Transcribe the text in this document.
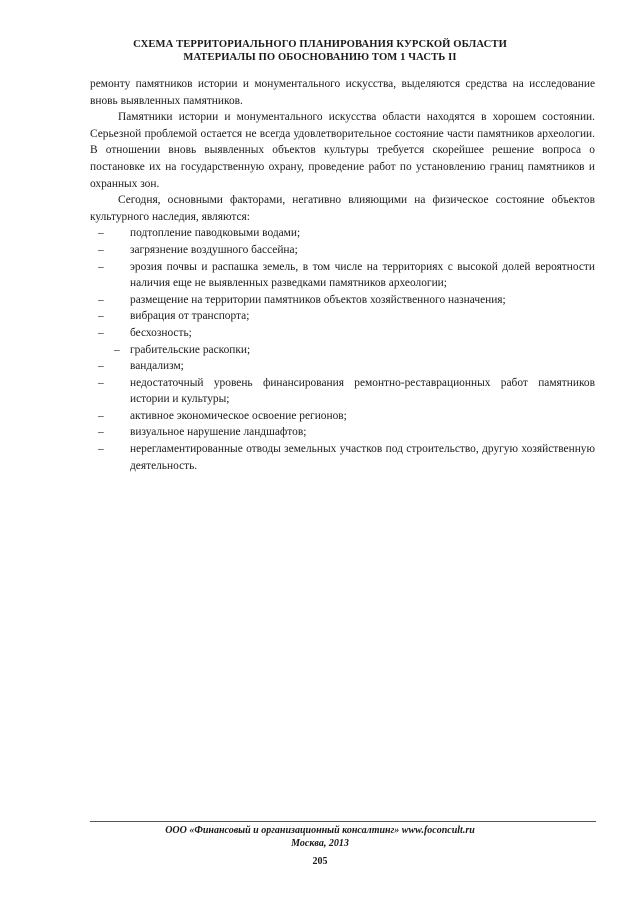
СХЕМА ТЕРРИТОРИАЛЬНОГО ПЛАНИРОВАНИЯ КУРСКОЙ ОБЛАСТИ
МАТЕРИАЛЫ ПО ОБОСНОВАНИЮ ТОМ 1 ЧАСТЬ II

ремонту памятников истории и монументального искусства, выделяются средства на исследование вновь выявленных памятников.

Памятники истории и монументального искусства области находятся в хорошем состоянии. Серьезной проблемой остается не всегда удовлетворительное состояние части памятников археологии. В отношении вновь выявленных объектов культуры требуется скорейшее решение вопроса о постановке их на государственную охрану, проведение работ по установлению границ памятников и охранных зон.

Сегодня, основными факторами, негативно влияющими на физическое состояние объектов культурного наследия, являются:

– подтопление паводковыми водами;
– загрязнение воздушного бассейна;
– эрозия почвы и распашка земель, в том числе на территориях с высокой долей вероятности наличия еще не выявленных разведками памятников археологии;
– размещение на территории памятников объектов хозяйственного назначения;
– вибрация от транспорта;
– бесхозность;
– грабительские раскопки;
– вандализм;
– недостаточный уровень финансирования ремонтно-реставрационных работ памятников истории и культуры;
– активное экономическое освоение регионов;
– визуальное нарушение ландшафтов;
– нерегламентированные отводы земельных участков под строительство, другую хозяйственную деятельность.
ООО «Финансовый и организационный консалтинг» www.foconcult.ru
Москва, 2013
205
